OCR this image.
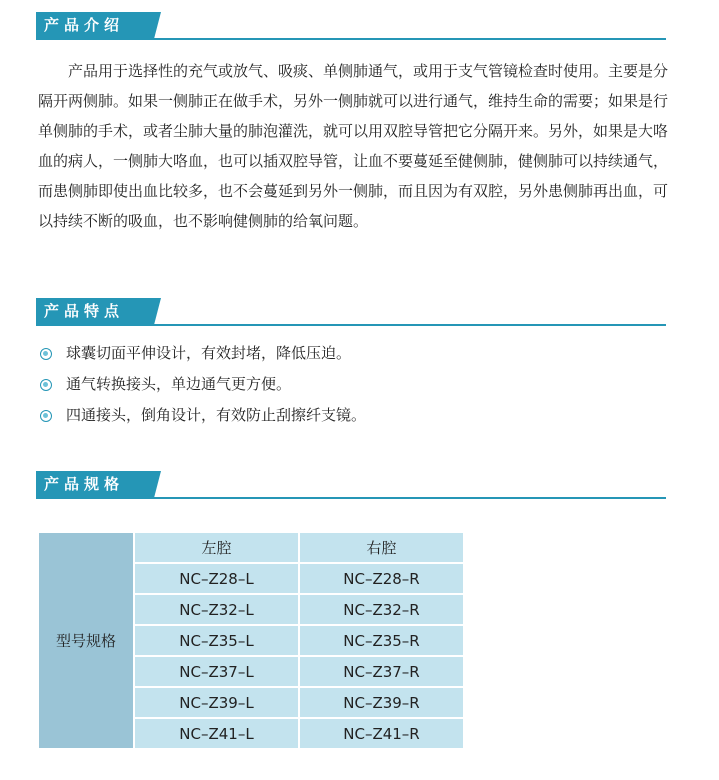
产品介绍

产品用于选择性的充气或放气、吸痰、单侧肺通气，或用于支气管镜检查时使用。主要是分隔开两侧肺。如果一侧肺正在做手术，另外一侧肺就可以进行通气，维持生命的需要；如果是行单侧肺的手术，或者尘肺大量的肺泡灌洗，就可以用双腔导管把它分隔开来。另外，如果是大咯血的病人，一侧肺大咯血，也可以插双腔导管，让血不要蔓延至健侧肺，健侧肺可以持续通气，而患侧肺即使出血比较多，也不会蔓延到另外一侧肺，而且因为有双腔，另外患侧肺再出血，可以持续不断的吸血，也不影响健侧肺的给氧问题。

产品特点
球囊切面平伸设计，有效封堵，降低压迫。
通气转换接头，单边通气更方便。
四通接头，倒角设计，有效防止刮擦纤支镜。
产品规格
型号规格	左腔	右腔
	NC–Z28–L	NC–Z28–R
	NC–Z32–L	NC–Z32–R
	NC–Z35–L	NC–Z35–R
	NC–Z37–L	NC–Z37–R
	NC–Z39–L	NC–Z39–R
	NC–Z41–L	NC–Z41–R
